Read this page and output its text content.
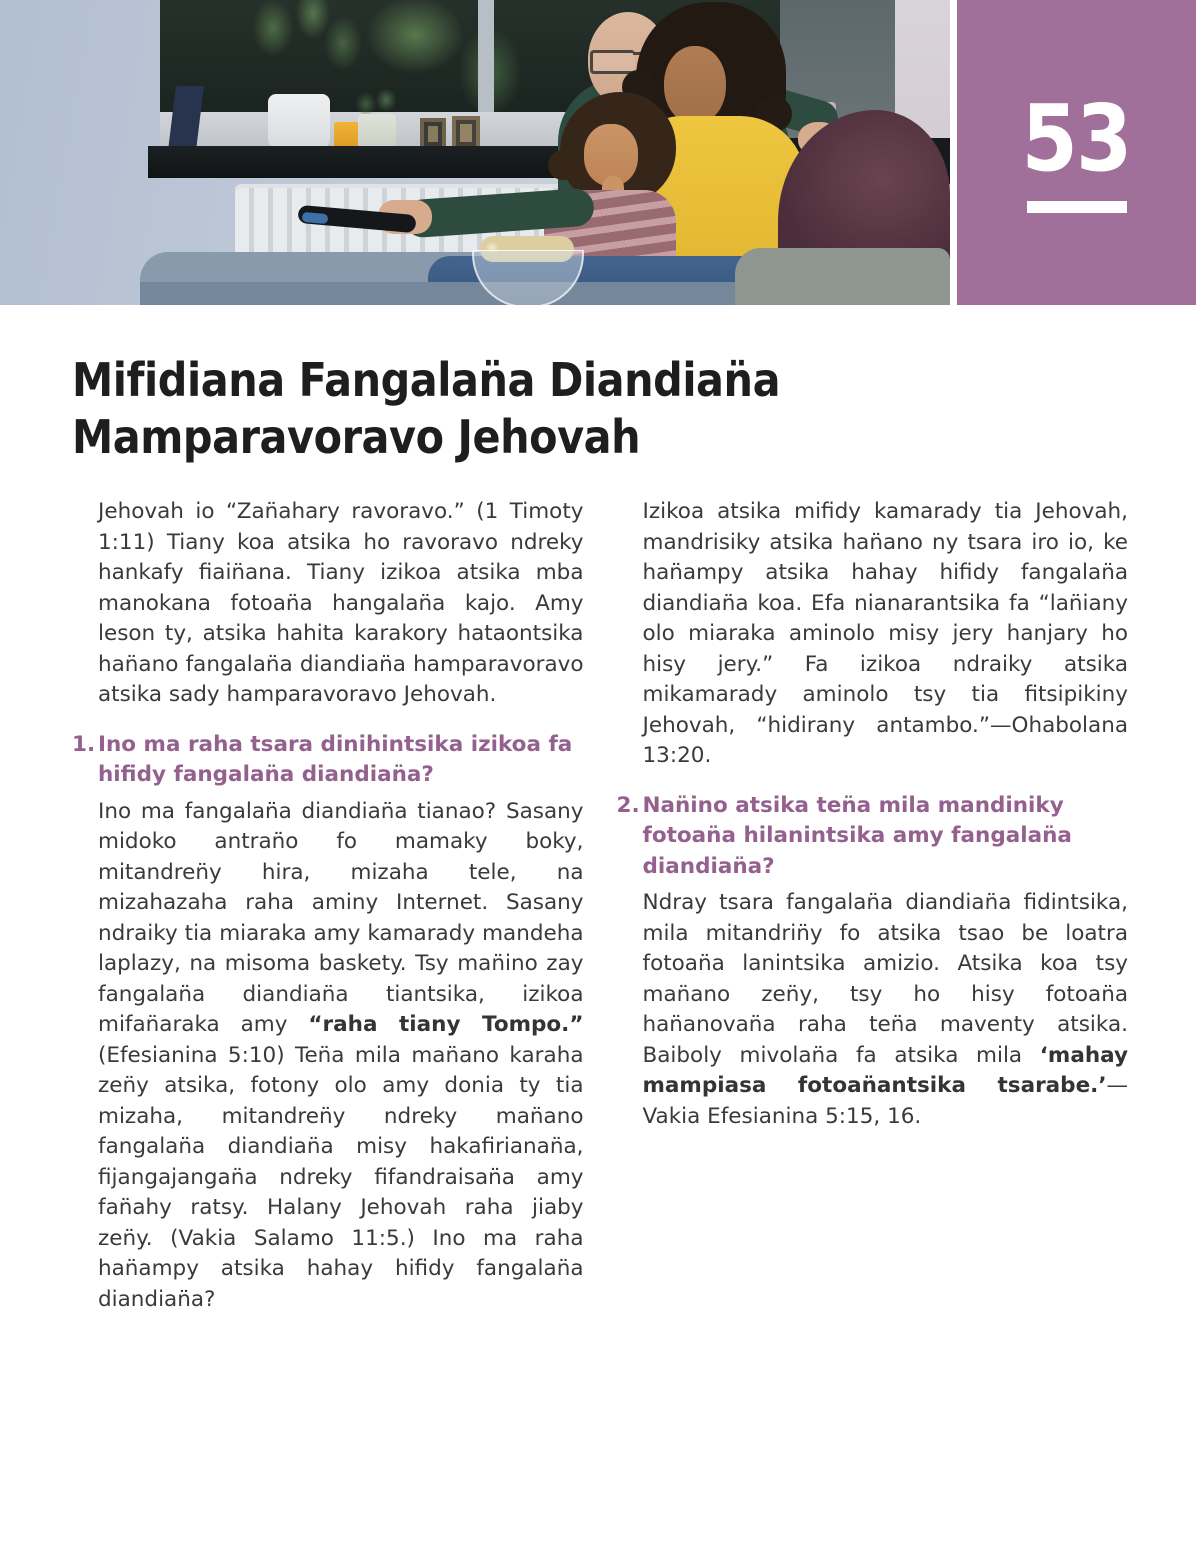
53
Mifidiana Fangalan̈a Diandian̈a
Mamparavoravo Jehovah

Jehovah io “Zan̈ahary ravoravo.” (1 Timoty 1:11) Tiany koa atsika ho ravoravo ndreky hankafy fiain̈ana. Tiany izikoa atsika mba manokana fotoan̈a hangalan̈a kajo. Amy leson ty, atsika hahita karakory hataontsika han̈ano fangalan̈a diandian̈a hamparavoravo atsika sady hamparavoravo Jehovah.

1. Ino ma raha tsara dinihintsika izikoa fa hifidy fangalan̈a diandian̈a?

Ino ma fangalan̈a diandian̈a tianao? Sasany midoko antran̈o fo mamaky boky, mitandren̈y hira, mizaha tele, na mizahazaha raha aminy Internet. Sasany ndraiky tia miaraka amy kamarady mandeha laplazy, na misoma baskety. Tsy man̈ino zay fangalan̈a diandian̈a tiantsika, izikoa mifan̈araka amy “raha tiany Tompo.” (Efesianina 5:10) Ten̈a mila man̈ano karaha zen̈y atsika, fotony olo amy donia ty tia mizaha, mitandren̈y ndreky man̈ano fangalan̈a diandian̈a misy hakafirianan̈a, fijangajangan̈a ndreky fifandraisan̈a amy fan̈ahy ratsy. Halany Jehovah raha jiaby zen̈y. (Vakia Salamo 11:5.) Ino ma raha han̈ampy atsika hahay hifidy fangalan̈a diandian̈a?

Izikoa atsika mifidy kamarady tia Jehovah, mandrisiky atsika han̈ano ny tsara iro io, ke han̈ampy atsika hahay hifidy fangalan̈a diandian̈a koa. Efa nianarantsika fa “lan̈iany olo miaraka aminolo misy jery hanjary ho hisy jery.” Fa izikoa ndraiky atsika mikamarady aminolo tsy tia fitsipikiny Jehovah, “hidirany antambo.”—Ohabolana 13:20.

2. Nan̈ino atsika ten̈a mila mandiniky fotoan̈a hilanintsika amy fangalan̈a diandian̈a?

Ndray tsara fangalan̈a diandian̈a fidintsika, mila mitandrin̈y fo atsika tsao be loatra fotoan̈a lanintsika amizio. Atsika koa tsy man̈ano zen̈y, tsy ho hisy fotoan̈a han̈anovan̈a raha ten̈a maventy atsika. Baiboly mivolan̈a fa atsika mila ‘mahay mampiasa fotoan̈antsika tsarabe.’—Vakia Efesianina 5:15, 16.
